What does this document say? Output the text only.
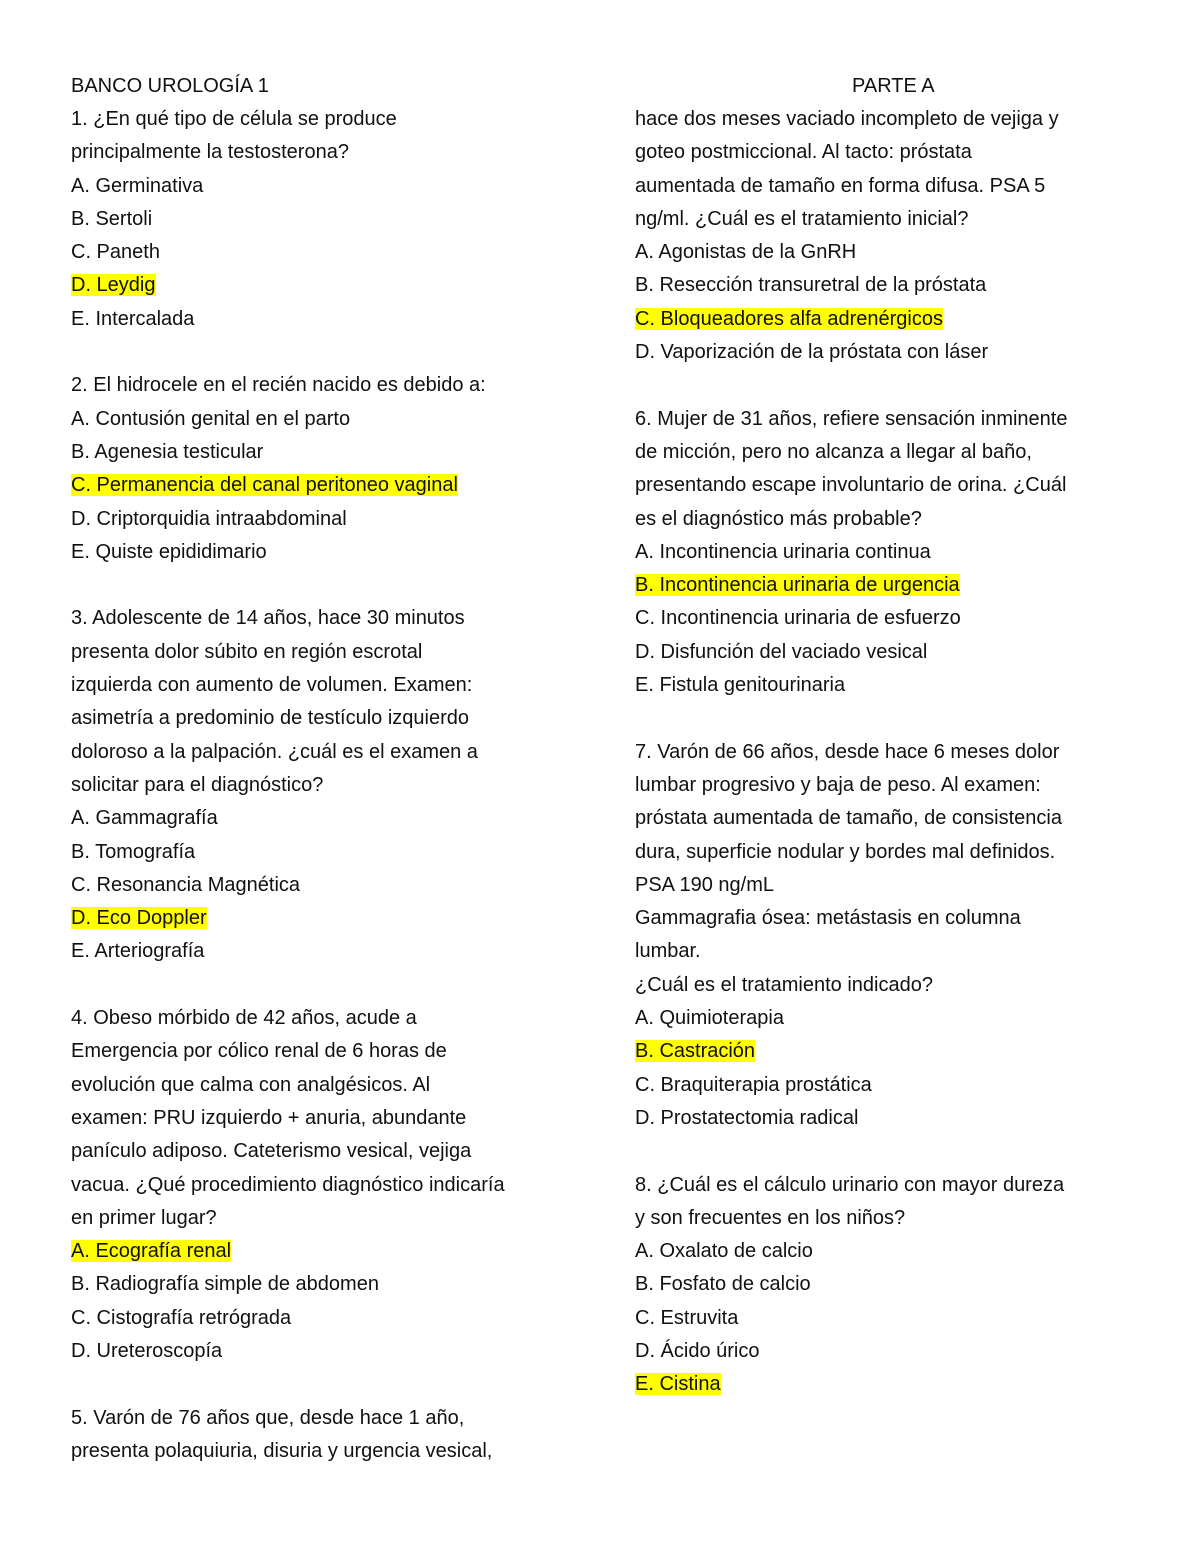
BANCO UROLOGÍA 1	PARTE A
1. ¿En qué tipo de célula se produce
principalmente la testosterona?
A. Germinativa
B. Sertoli
C. Paneth
D. Leydig
E. Intercalada
2. El hidrocele en el recién nacido es debido a:
A. Contusión genital en el parto
B. Agenesia testicular
C. Permanencia del canal peritoneo vaginal
D. Criptorquidia intraabdominal
E. Quiste epididimario
3. Adolescente de 14 años, hace 30 minutos
presenta dolor súbito en región escrotal
izquierda con aumento de volumen. Examen:
asimetría a predominio de testículo izquierdo
doloroso a la palpación. ¿cuál es el examen a
solicitar para el diagnóstico?
A. Gammagrafía
B. Tomografía
C. Resonancia Magnética
D. Eco Doppler
E. Arteriografía
4. Obeso mórbido de 42 años, acude a
Emergencia por cólico renal de 6 horas de
evolución que calma con analgésicos. Al
examen: PRU izquierdo + anuria, abundante
panículo adiposo. Cateterismo vesical, vejiga
vacua. ¿Qué procedimiento diagnóstico indicaría
en primer lugar?
A. Ecografía renal
B. Radiografía simple de abdomen
C. Cistografía retrógrada
D. Ureteroscopía
5. Varón de 76 años que, desde hace 1 año,
presenta polaquiuria, disuria y urgencia vesical,
hace dos meses vaciado incompleto de vejiga y
goteo postmiccional. Al tacto: próstata
aumentada de tamaño en forma difusa. PSA 5
ng/ml. ¿Cuál es el tratamiento inicial?
A. Agonistas de la GnRH
B. Resección transuretral de la próstata
C. Bloqueadores alfa adrenérgicos
D. Vaporización de la próstata con láser
6. Mujer de 31 años, refiere sensación inminente
de micción, pero no alcanza a llegar al baño,
presentando escape involuntario de orina. ¿Cuál
es el diagnóstico más probable?
A. Incontinencia urinaria continua
B. Incontinencia urinaria de urgencia
C. Incontinencia urinaria de esfuerzo
D. Disfunción del vaciado vesical
E. Fistula genitourinaria
7. Varón de 66 años, desde hace 6 meses dolor
lumbar progresivo y baja de peso. Al examen:
próstata aumentada de tamaño, de consistencia
dura, superficie nodular y bordes mal definidos.
PSA 190 ng/mL
Gammagrafia ósea: metástasis en columna
lumbar.
¿Cuál es el tratamiento indicado?
A. Quimioterapia
B. Castración
C. Braquiterapia prostática
D. Prostatectomia radical
8. ¿Cuál es el cálculo urinario con mayor dureza
y son frecuentes en los niños?
A. Oxalato de calcio
B. Fosfato de calcio
C. Estruvita
D. Ácido úrico
E. Cistina
